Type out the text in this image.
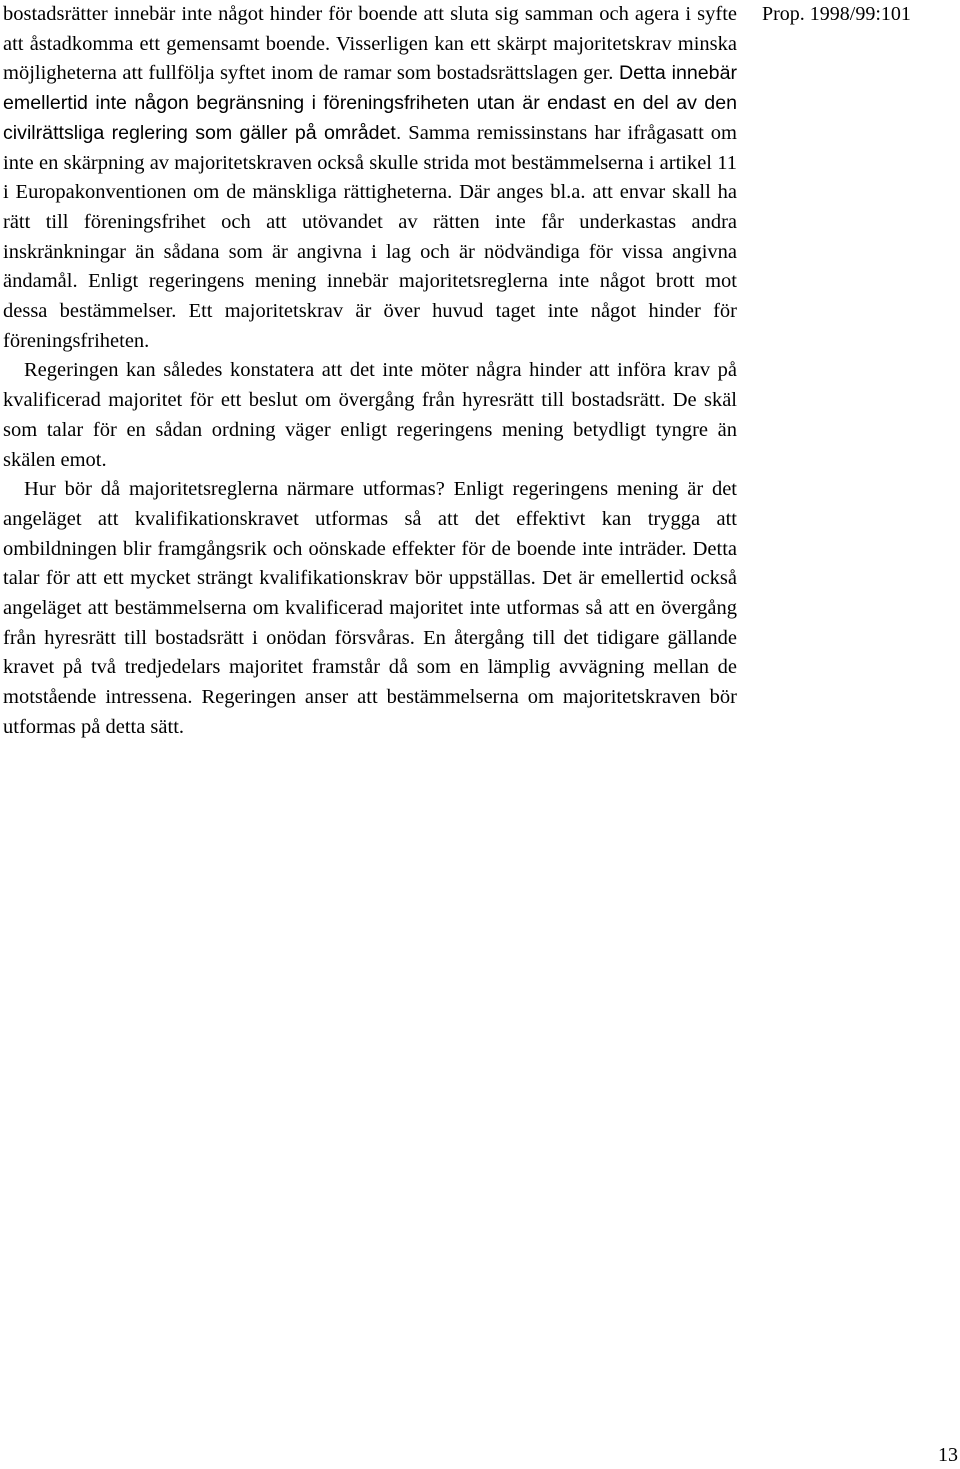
Prop. 1998/99:101

bostadsrätter innebär inte något hinder för boende att sluta sig samman och agera i syfte att åstadkomma ett gemensamt boende. Visserligen kan ett skärpt majoritetskrav minska möjligheterna att fullfölja syftet inom de ramar som bostadsrättslagen ger. Detta innebär emellertid inte någon begränsning i föreningsfriheten utan är endast en del av den civilrättsliga reglering som gäller på området. Samma remissinstans har ifrågasatt om inte en skärpning av majoritetskraven också skulle strida mot bestämmelserna i artikel 11 i Europakonventionen om de mänskliga rättigheterna. Där anges bl.a. att envar skall ha rätt till föreningsfrihet och att utövandet av rätten inte får underkastas andra inskränkningar än sådana som är angivna i lag och är nödvändiga för vissa angivna ändamål. Enligt regeringens mening innebär majoritetsreglerna inte något brott mot dessa bestämmelser. Ett majoritetskrav är över huvud taget inte något hinder för föreningsfriheten.

Regeringen kan således konstatera att det inte möter några hinder att införa krav på kvalificerad majoritet för ett beslut om övergång från hyresrätt till bostadsrätt. De skäl som talar för en sådan ordning väger enligt regeringens mening betydligt tyngre än skälen emot.

Hur bör då majoritetsreglerna närmare utformas? Enligt regeringens mening är det angeläget att kvalifikationskravet utformas så att det effektivt kan trygga att ombildningen blir framgångsrik och oönskade effekter för de boende inte inträder. Detta talar för att ett mycket strängt kvalifikationskrav bör uppställas. Det är emellertid också angeläget att bestämmelserna om kvalificerad majoritet inte utformas så att en övergång från hyresrätt till bostadsrätt i onödan försvåras. En återgång till det tidigare gällande kravet på två tredjedelars majoritet framstår då som en lämplig avvägning mellan de motstående intressena. Regeringen anser att bestämmelserna om majoritetskraven bör utformas på detta sätt.

13
